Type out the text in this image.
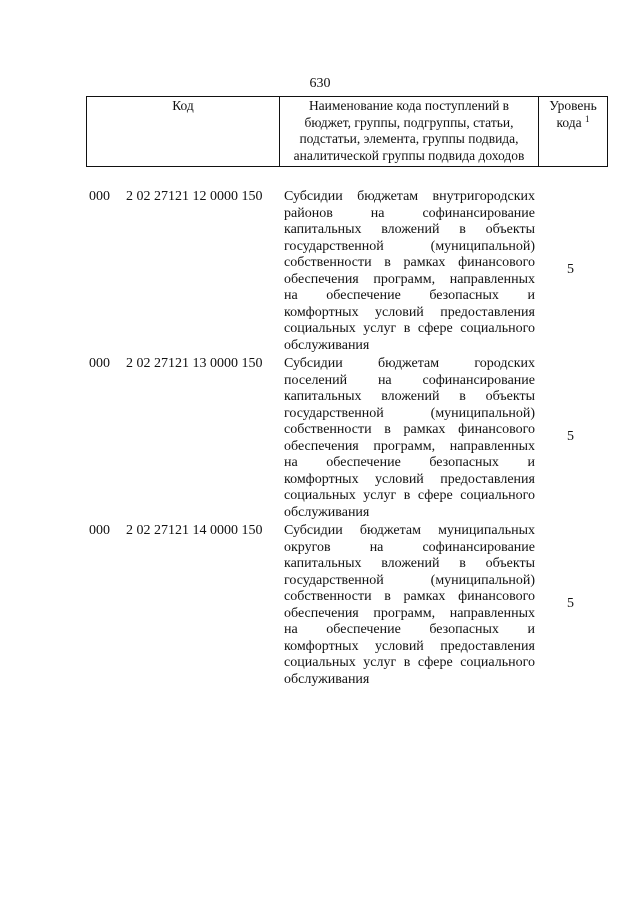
630
Код	Наименование кода поступлений в
бюджет, группы, подгруппы, статьи,
подстатьи, элемента, группы подвида,
аналитической группы подвида доходов	Уровень
кода $^1$
000 2 02 27121 12 0000 150 Субсидии бюджетам внутригородских
районов на софинансирование
капитальных вложений в объекты
государственной (муниципальной)
собственности в рамках финансового
обеспечения программ, направленных
на обеспечение безопасных и
комфортных условий предоставления
социальных услуг в сфере социального
обслуживания
5
000 2 02 27121 13 0000 150 Субсидии бюджетам городских
поселений на софинансирование
капитальных вложений в объекты
государственной (муниципальной)
собственности в рамках финансового
обеспечения программ, направленных
на обеспечение безопасных и
комфортных условий предоставления
социальных услуг в сфере социального
обслуживания
5
000 2 02 27121 14 0000 150 Субсидии бюджетам муниципальных
округов на софинансирование
капитальных вложений в объекты
государственной (муниципальной)
собственности в рамках финансового
обеспечения программ, направленных
на обеспечение безопасных и
комфортных условий предоставления
социальных услуг в сфере социального
обслуживания
5
